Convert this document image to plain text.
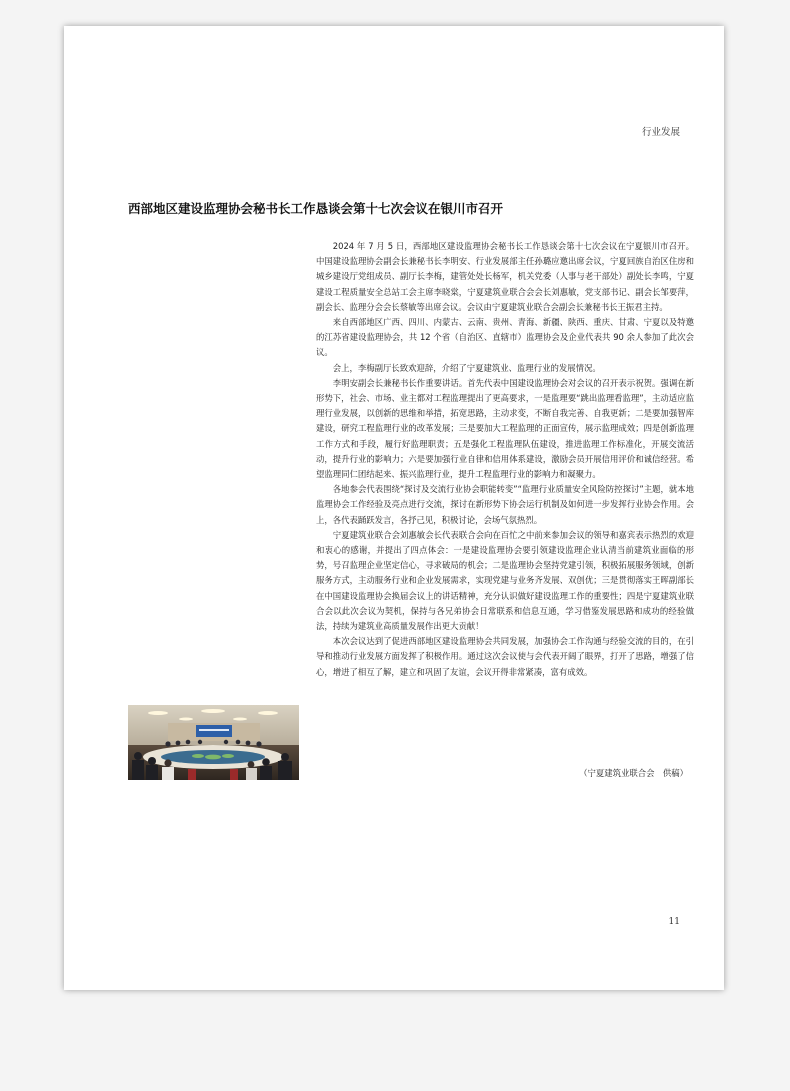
行业发展
西部地区建设监理协会秘书长工作恳谈会第十七次会议在银川市召开

2024 年 7 月 5 日，西部地区建设监理协会秘书长工作恳谈会第十七次会议在宁夏银川市召开。中国建设监理协会副会长兼秘书长李明安、行业发展部主任孙璐应邀出席会议，宁夏回族自治区住房和城乡建设厅党组成员、副厅长李梅，建管处处长杨军，机关党委（人事与老干部处）副处长李鸣，宁夏建设工程质量安全总站工会主席李晓棠，宁夏建筑业联合会会长刘惠敏，党支部书记、副会长邹要萍，副会长、监理分会会长蔡敏等出席会议。会议由宁夏建筑业联合会副会长兼秘书长王振君主持。

来自西部地区广西、四川、内蒙古、云南、贵州、青海、新疆、陕西、重庆、甘肃、宁夏以及特邀的江苏省建设监理协会，共 12 个省（自治区、直辖市）监理协会及企业代表共 90 余人参加了此次会议。

会上，李梅副厅长致欢迎辞，介绍了宁夏建筑业、监理行业的发展情况。

李明安副会长兼秘书长作重要讲话。首先代表中国建设监理协会对会议的召开表示祝贺。强调在新形势下，社会、市场、业主都对工程监理提出了更高要求，一是监理要“跳出监理看监理”，主动适应监理行业发展，以创新的思维和举措，拓宽思路，主动求变，不断自我完善、自我更新；二是要加强智库建设，研究工程监理行业的改革发展；三是要加大工程监理的正面宣传，展示监理成效；四是创新监理工作方式和手段，履行好监理职责；五是强化工程监理队伍建设，推进监理工作标准化，开展交流活动，提升行业的影响力；六是要加强行业自律和信用体系建设，激励会员开展信用评价和诚信经营。希望监理同仁团结起来、振兴监理行业，提升工程监理行业的影响力和凝聚力。

各地参会代表围绕“探讨及交流行业协会职能转变”“监理行业质量安全风险防控探讨”主题，就本地监理协会工作经验及亮点进行交流，探讨在新形势下协会运行机制及如何进一步发挥行业协会作用。会上，各代表踊跃发言，各抒己见，积极讨论，会场气氛热烈。

宁夏建筑业联合会刘惠敏会长代表联合会向在百忙之中前来参加会议的领导和嘉宾表示热烈的欢迎和衷心的感谢，并提出了四点体会：一是建设监理协会要引领建设监理企业认清当前建筑业面临的形势，号召监理企业坚定信心，寻求破局的机会；二是监理协会坚持党建引领，积极拓展服务领域，创新服务方式，主动服务行业和企业发展需求，实现党建与业务齐发展、双创优；三是贯彻落实王晖副部长在中国建设监理协会换届会议上的讲话精神，充分认识做好建设监理工作的重要性；四是宁夏建筑业联合会以此次会议为契机，保持与各兄弟协会日常联系和信息互通，学习借鉴发展思路和成功的经验做法，持续为建筑业高质量发展作出更大贡献！

本次会议达到了促进西部地区建设监理协会共同发展，加强协会工作沟通与经验交流的目的，在引导和推动行业发展方面发挥了积极作用。通过这次会议使与会代表开阔了眼界，打开了思路，增强了信心，增进了相互了解，建立和巩固了友谊，会议开得非常紧凑，富有成效。

（宁夏建筑业联合会　供稿）
11
